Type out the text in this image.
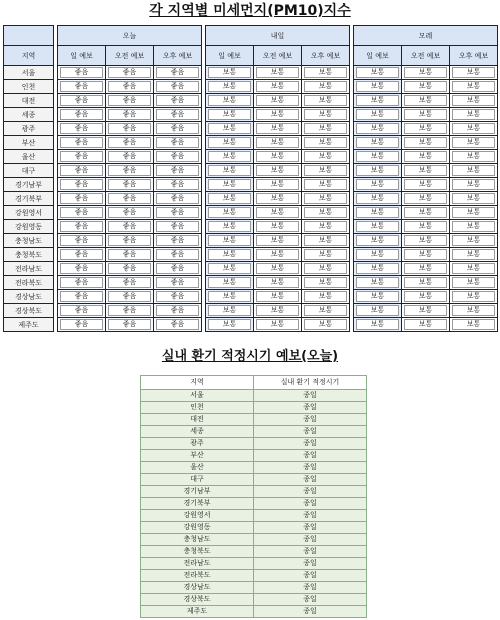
각 지역별 미세먼지(PM10)지수
		오늘				내일				모레		
지역		일 예보	오전 예보	오후 예보		일 예보	오전 예보	오후 예보		일 예보	오전 예보	오후 예보
서울		좋음	좋음	좋음		보통	보통	보통		보통	보통	보통

인천		좋음	좋음	좋음		보통	보통	보통		보통	보통	보통

대전		좋음	좋음	좋음		보통	보통	보통		보통	보통	보통

세종		좋음	좋음	좋음		보통	보통	보통		보통	보통	보통

광주		좋음	좋음	좋음		보통	보통	보통		보통	보통	보통

부산		좋음	좋음	좋음		보통	보통	보통		보통	보통	보통

울산		좋음	좋음	좋음		보통	보통	보통		보통	보통	보통

대구		좋음	좋음	좋음		보통	보통	보통		보통	보통	보통

경기남부		좋음	좋음	좋음		보통	보통	보통		보통	보통	보통

경기북부		좋음	좋음	좋음		보통	보통	보통		보통	보통	보통

강원영서		좋음	좋음	좋음		보통	보통	보통		보통	보통	보통

강원영동		좋음	좋음	좋음		보통	보통	보통		보통	보통	보통

충청남도		좋음	좋음	좋음		보통	보통	보통		보통	보통	보통

충청북도		좋음	좋음	좋음		보통	보통	보통		보통	보통	보통

전라남도		좋음	좋음	좋음		보통	보통	보통		보통	보통	보통

전라북도		좋음	좋음	좋음		보통	보통	보통		보통	보통	보통

경상남도		좋음	좋음	좋음		보통	보통	보통		보통	보통	보통

경상북도		좋음	좋음	좋음		보통	보통	보통		보통	보통	보통

제주도		좋음	좋음	좋음		보통	보통	보통		보통	보통	보통
실내 환기 적정시기 예보(오늘)
지역	실내 환기 적정시기
서울	종일
인천	종일
대전	종일
세종	종일
광주	종일
부산	종일
울산	종일
대구	종일
경기남부	종일
경기북부	종일
강원영서	종일
강원영동	종일
충청남도	종일
충청북도	종일
전라남도	종일
전라북도	종일
경상남도	종일
경상북도	종일
제주도	종일
